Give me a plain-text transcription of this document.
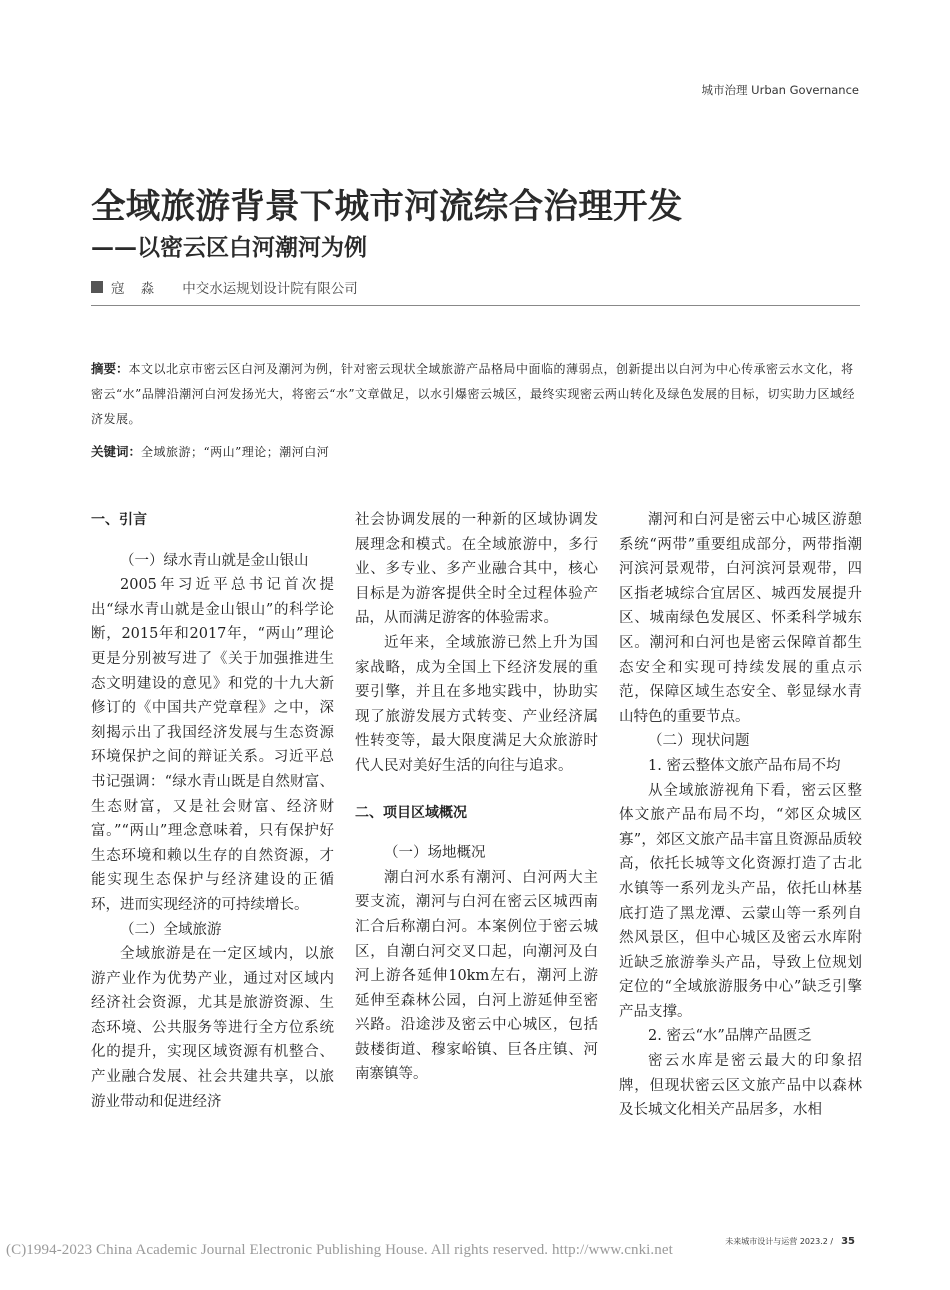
城市治理 Urban Governance
全域旅游背景下城市河流综合治理开发
——以密云区白河潮河为例
寇 淼 中交水运规划设计院有限公司
摘要：本文以北京市密云区白河及潮河为例，针对密云现状全域旅游产品格局中面临的薄弱点，创新提出以白河为中心传承密云水文化，将密云“水”品牌沿潮河白河发扬光大，将密云“水”文章做足，以水引爆密云城区，最终实现密云两山转化及绿色发展的目标，切实助力区域经济发展。
关键词：全域旅游；“两山”理论；潮河白河

一、引言

（一）绿水青山就是金山银山

2005年习近平总书记首次提出“绿水青山就是金山银山”的科学论断，2015年和2017年，“两山”理论更是分别被写进了《关于加强推进生态文明建设的意见》和党的十九大新修订的《中国共产党章程》之中，深刻揭示出了我国经济发展与生态资源环境保护之间的辩证关系。习近平总书记强调：“绿水青山既是自然财富、生态财富，又是社会财富、经济财富。”“两山”理念意味着，只有保护好生态环境和赖以生存的自然资源，才能实现生态保护与经济建设的正循环，进而实现经济的可持续增长。

（二）全域旅游

全域旅游是在一定区域内，以旅游产业作为优势产业，通过对区域内经济社会资源，尤其是旅游资源、生态环境、公共服务等进行全方位系统化的提升，实现区域资源有机整合、产业融合发展、社会共建共享，以旅游业带动和促进经济

社会协调发展的一种新的区域协调发展理念和模式。在全域旅游中，多行业、多专业、多产业融合其中，核心目标是为游客提供全时全过程体验产品，从而满足游客的体验需求。

近年来，全域旅游已然上升为国家战略，成为全国上下经济发展的重要引擎，并且在多地实践中，协助实现了旅游发展方式转变、产业经济属性转变等，最大限度满足大众旅游时代人民对美好生活的向往与追求。

二、项目区域概况

（一）场地概况

潮白河水系有潮河、白河两大主要支流，潮河与白河在密云区城西南汇合后称潮白河。本案例位于密云城区，自潮白河交叉口起，向潮河及白河上游各延伸10km左右，潮河上游延伸至森林公园，白河上游延伸至密兴路。沿途涉及密云中心城区，包括鼓楼街道、穆家峪镇、巨各庄镇、河南寨镇等。

潮河和白河是密云中心城区游憩系统“两带”重要组成部分，两带指潮河滨河景观带，白河滨河景观带，四区指老城综合宜居区、城西发展提升区、城南绿色发展区、怀柔科学城东区。潮河和白河也是密云保障首都生态安全和实现可持续发展的重点示范，保障区域生态安全、彰显绿水青山特色的重要节点。

（二）现状问题

1. 密云整体文旅产品布局不均

从全域旅游视角下看，密云区整体文旅产品布局不均，“郊区众城区寡”，郊区文旅产品丰富且资源品质较高，依托长城等文化资源打造了古北水镇等一系列龙头产品，依托山林基底打造了黑龙潭、云蒙山等一系列自然风景区，但中心城区及密云水库附近缺乏旅游拳头产品，导致上位规划定位的“全域旅游服务中心”缺乏引擎产品支撑。

2. 密云“水”品牌产品匮乏

密云水库是密云最大的印象招牌，但现状密云区文旅产品中以森林及长城文化相关产品居多，水相

未来城市设计与运营 2023.2 / 35
(C)1994-2023 China Academic Journal Electronic Publishing House. All rights reserved. http://www.cnki.net
